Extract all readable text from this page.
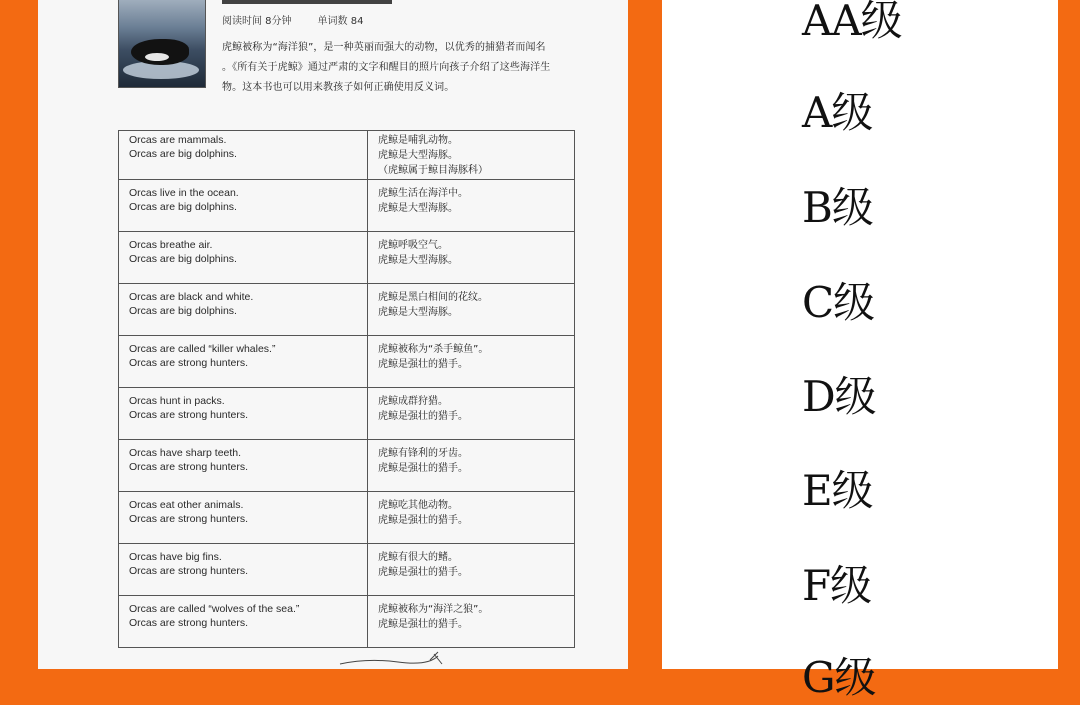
阅读时间 8分钟	单词数 84
虎鲸被称为“海洋狼”，是一种英丽而强大的动物，以优秀的捕猎者而闻名
。《所有关于虎鲸》通过严肃的文字和醒目的照片向孩子介绍了这些海洋生
物。这本书也可以用来教孩子如何正确使用反义词。
Orcas are mammals.
Orcas are big dolphins.	虎鲸是哺乳动物。
虎鲸是大型海豚。
（虎鲸属于鲸目海豚科）

Orcas live in the ocean.
Orcas are big dolphins.	虎鲸生活在海洋中。
虎鲸是大型海豚。

Orcas breathe air.
Orcas are big dolphins.	虎鲸呼吸空气。
虎鲸是大型海豚。

Orcas are black and white.
Orcas are big dolphins.	虎鲸是黑白相间的花纹。
虎鲸是大型海豚。

Orcas are called “killer whales.”
Orcas are strong hunters.	虎鲸被称为“杀手鲸鱼”。
虎鲸是强壮的猎手。

Orcas hunt in packs.
Orcas are strong hunters.	虎鲸成群狩猎。
虎鲸是强壮的猎手。

Orcas have sharp teeth.
Orcas are strong hunters.	虎鲸有锋利的牙齿。
虎鲸是强壮的猎手。

Orcas eat other animals.
Orcas are strong hunters.	虎鲸吃其他动物。
虎鲸是强壮的猎手。

Orcas have big fins.
Orcas are strong hunters.	虎鲸有很大的鳍。
虎鲸是强壮的猎手。

Orcas are called “wolves of the sea.”
Orcas are strong hunters.	虎鲸被称为“海洋之狼”。
虎鲸是强壮的猎手。
AA级
A级
B级
C级
D级
E级
F级
G级
